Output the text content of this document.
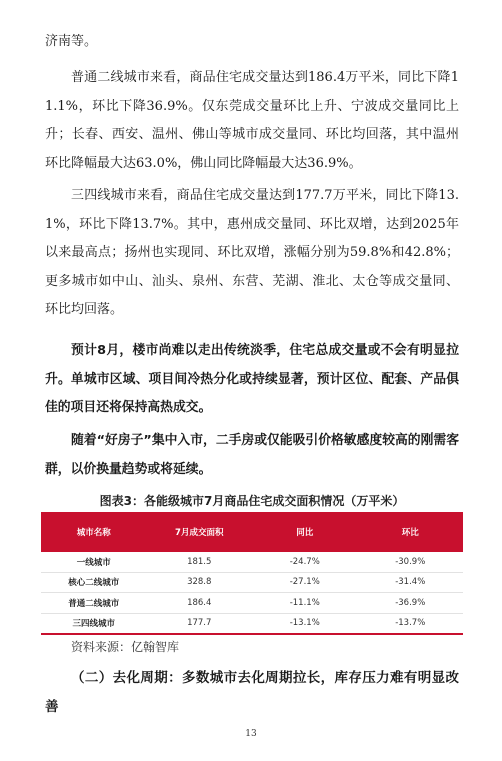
济南等。

普通二线城市来看，商品住宅成交量达到186.4万平米，同比下降11.1%，环比下降36.9%。仅东莞成交量环比上升、宁波成交量同比上升；长春、西安、温州、佛山等城市成交量同、环比均回落，其中温州环比降幅最大达63.0%，佛山同比降幅最大达36.9%。

三四线城市来看，商品住宅成交量达到177.7万平米，同比下降13.1%，环比下降13.7%。其中，惠州成交量同、环比双增，达到2025年以来最高点；扬州也实现同、环比双增，涨幅分别为59.8%和42.8%；更多城市如中山、汕头、泉州、东营、芜湖、淮北、太仓等成交量同、环比均回落。

预计8月，楼市尚难以走出传统淡季，住宅总成交量或不会有明显拉升。单城市区域、项目间冷热分化或持续显著，预计区位、配套、产品俱佳的项目还将保持高热成交。

随着“好房子”集中入市，二手房或仅能吸引价格敏感度较高的刚需客群，以价换量趋势或将延续。

图表3：各能级城市7月商品住宅成交面积情况（万平米）
城市名称	7月成交面积	同比	环比
一线城市	181.5	-24.7%	-30.9%
核心二线城市	328.8	-27.1%	-31.4%
普通二线城市	186.4	-11.1%	-36.9%
三四线城市	177.7	-13.1%	-13.7%
资料来源：亿翰智库

（二）去化周期：多数城市去化周期拉长，库存压力难有明显改善

13
